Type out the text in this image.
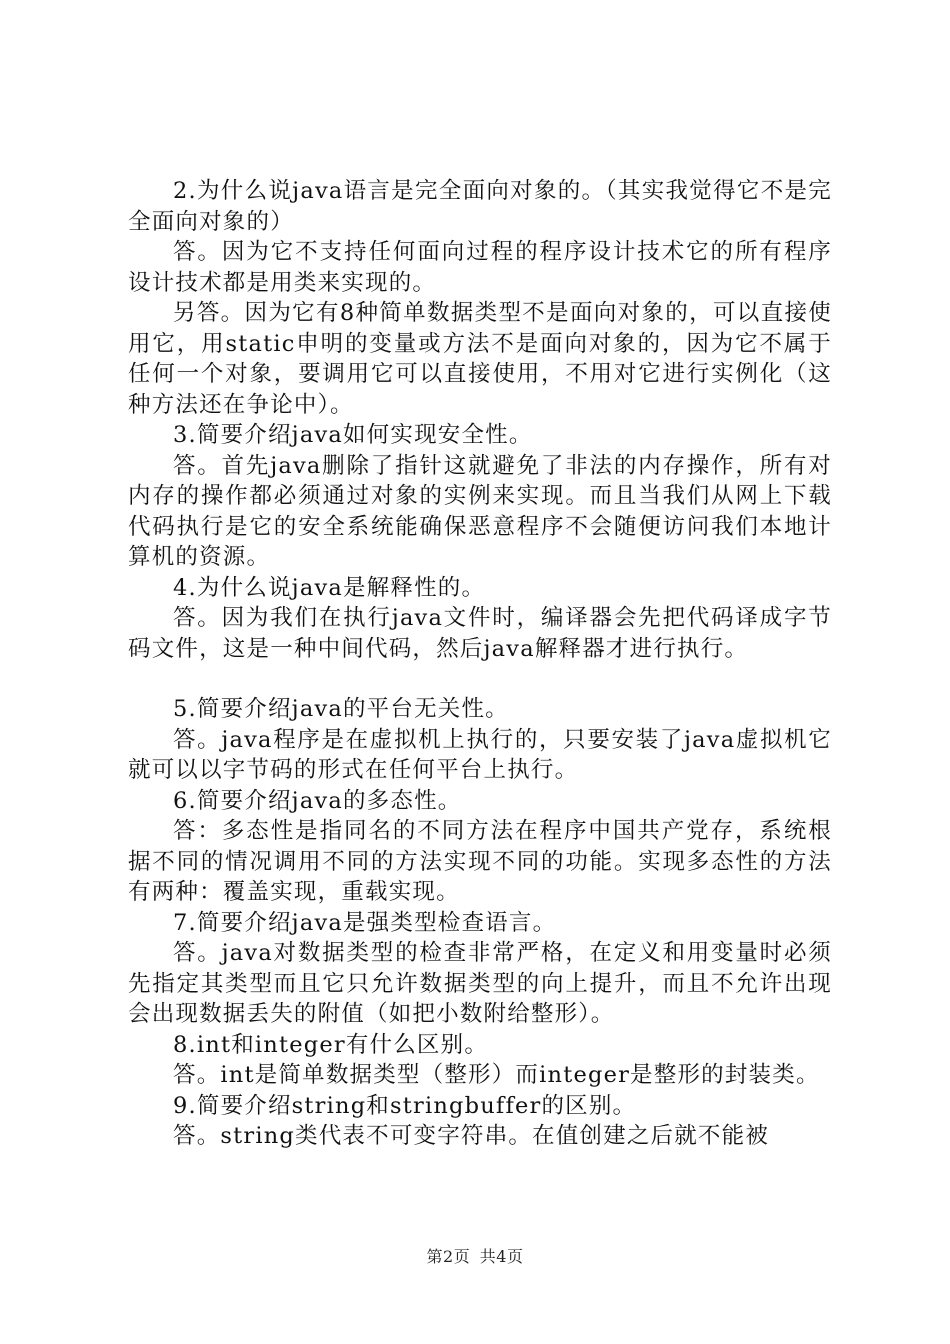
2.为什么说java语言是完全面向对象的。（其实我觉得它不是完全面向对象的）

答。因为它不支持任何面向过程的程序设计技术它的所有程序设计技术都是用类来实现的。

另答。因为它有8种简单数据类型不是面向对象的，可以直接使用它，用static申明的变量或方法不是面向对象的，因为它不属于任何一个对象，要调用它可以直接使用，不用对它进行实例化（这种方法还在争论中）。

3.简要介绍java如何实现安全性。

答。首先java删除了指针这就避免了非法的内存操作，所有对内存的操作都必须通过对象的实例来实现。而且当我们从网上下载代码执行是它的安全系统能确保恶意程序不会随便访问我们本地计算机的资源。

4.为什么说java是解释性的。

答。因为我们在执行java文件时，编译器会先把代码译成字节码文件，这是一种中间代码，然后java解释器才进行执行。

5.简要介绍java的平台无关性。

答。java程序是在虚拟机上执行的，只要安装了java虚拟机它就可以以字节码的形式在任何平台上执行。

6.简要介绍java的多态性。

答：多态性是指同名的不同方法在程序中国共产党存，系统根据不同的情况调用不同的方法实现不同的功能。实现多态性的方法有两种：覆盖实现，重载实现。

7.简要介绍java是强类型检查语言。

答。java对数据类型的检查非常严格，在定义和用变量时必须先指定其类型而且它只允许数据类型的向上提升，而且不允许出现会出现数据丢失的附值（如把小数附给整形）。

8.int和integer有什么区别。

答。int是简单数据类型（整形）而integer是整形的封装类。

9.简要介绍string和stringbuffer的区别。

答。string类代表不可变字符串。在值创建之后就不能被

第2页 共4页
